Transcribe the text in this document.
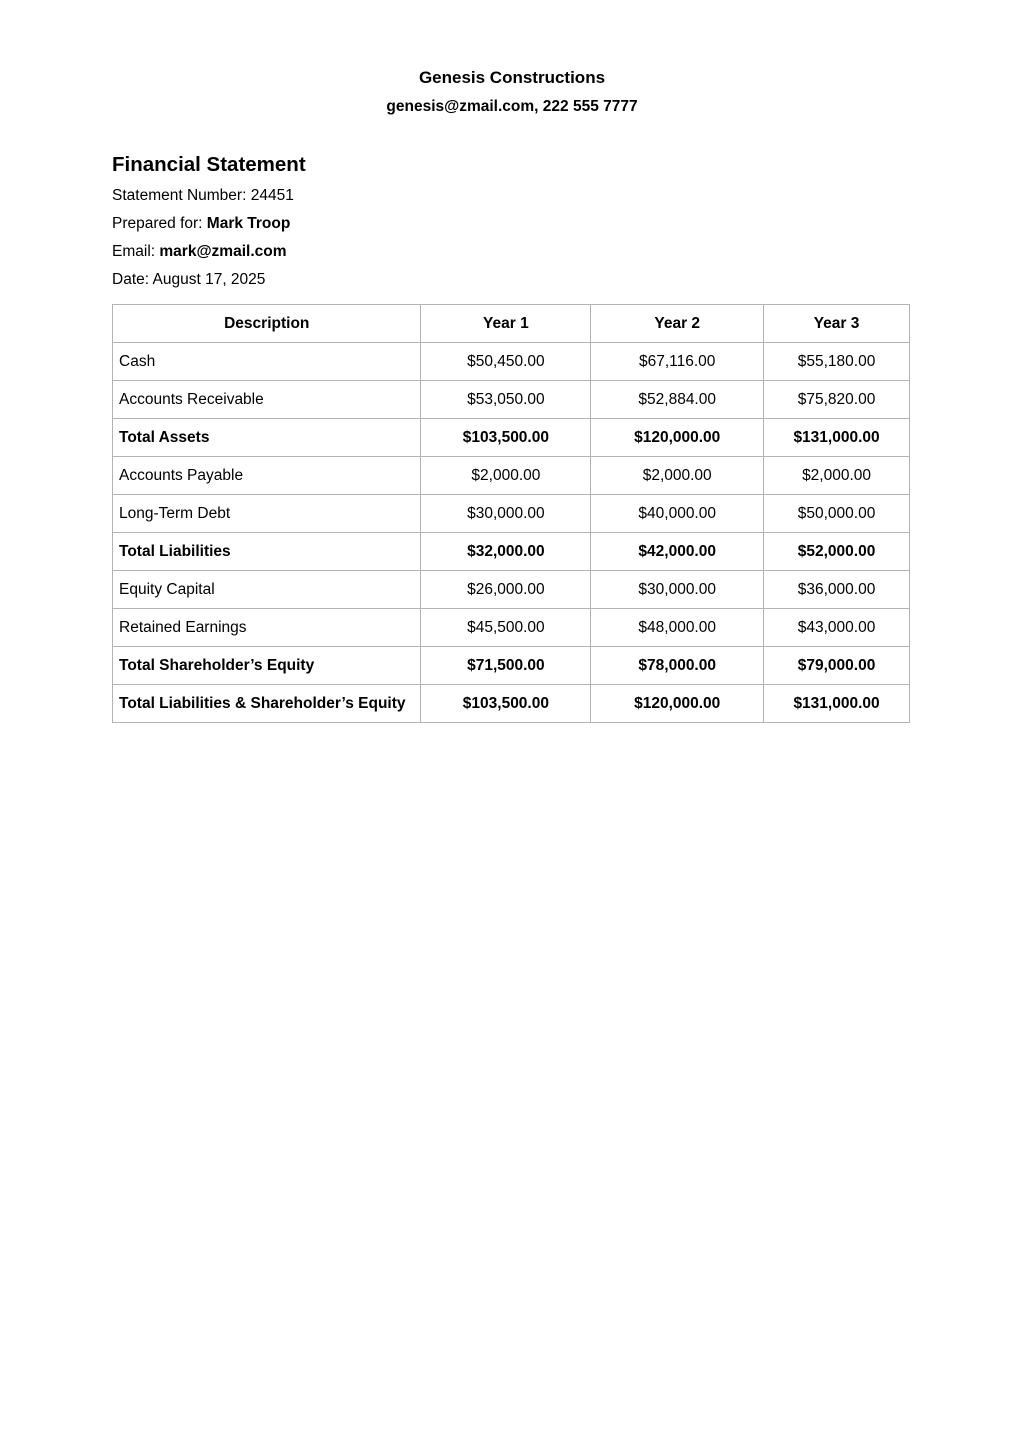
Genesis Constructions
genesis@zmail.com, 222 555 7777
Financial Statement
Statement Number: 24451
Prepared for: Mark Troop
Email: mark@zmail.com
Date: August 17, 2025
Description	Year 1	Year 2	Year 3
Cash	$50,450.00	$67,116.00	$55,180.00
Accounts Receivable	$53,050.00	$52,884.00	$75,820.00
Total Assets	$103,500.00	$120,000.00	$131,000.00
Accounts Payable	$2,000.00	$2,000.00	$2,000.00
Long-Term Debt	$30,000.00	$40,000.00	$50,000.00
Total Liabilities	$32,000.00	$42,000.00	$52,000.00
Equity Capital	$26,000.00	$30,000.00	$36,000.00
Retained Earnings	$45,500.00	$48,000.00	$43,000.00
Total Shareholder’s Equity	$71,500.00	$78,000.00	$79,000.00
Total Liabilities & Shareholder’s Equity	$103,500.00	$120,000.00	$131,000.00
